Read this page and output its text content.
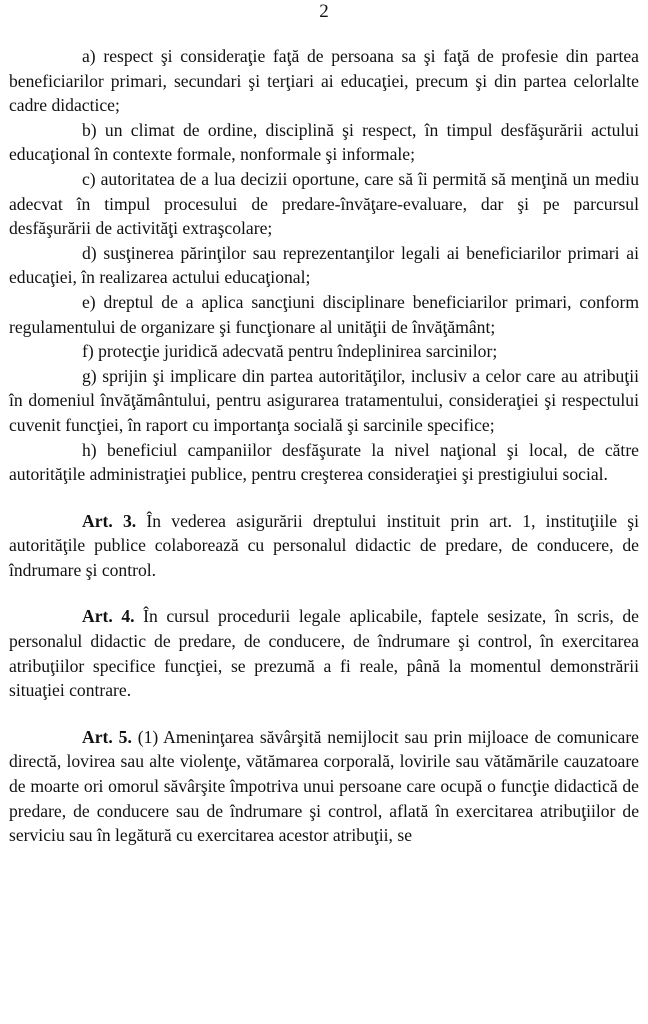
2

a) respect şi consideraţie faţă de persoana sa şi faţă de profesie din partea beneficiarilor primari, secundari şi terţiari ai educaţiei, precum şi din partea celorlalte cadre didactice;

b) un climat de ordine, disciplină şi respect, în timpul desfăşurării actului educaţional în contexte formale, nonformale şi informale;

c) autoritatea de a lua decizii oportune, care să îi permită să menţină un mediu adecvat în timpul procesului de predare-învăţare-evaluare, dar şi pe parcursul desfăşurării de activităţi extraşcolare;

d) susţinerea părinţilor sau reprezentanţilor legali ai beneficiarilor primari ai educaţiei, în realizarea actului educaţional;

e) dreptul de a aplica sancţiuni disciplinare beneficiarilor primari, conform regulamentului de organizare şi funcţionare al unităţii de învăţământ;

f) protecţie juridică adecvată pentru îndeplinirea sarcinilor;

g) sprijin şi implicare din partea autorităţilor, inclusiv a celor care au atribuţii în domeniul învăţământului, pentru asigurarea tratamentului, consideraţiei şi respectului cuvenit funcţiei, în raport cu importanţa socială şi sarcinile specifice;

h) beneficiul campaniilor desfăşurate la nivel naţional şi local, de către autorităţile administraţiei publice, pentru creşterea consideraţiei şi prestigiului social.

Art. 3. În vederea asigurării dreptului instituit prin art. 1, instituţiile şi autorităţile publice colaborează cu personalul didactic de predare, de conducere, de îndrumare şi control.

Art. 4. În cursul procedurii legale aplicabile, faptele sesizate, în scris, de personalul didactic de predare, de conducere, de îndrumare şi control, în exercitarea atribuţiilor specifice funcţiei, se prezumă a fi reale, până la momentul demonstrării situaţiei contrare.

Art. 5. (1) Ameninţarea săvârşită nemijlocit sau prin mijloace de comunicare directă, lovirea sau alte violenţe, vătămarea corporală, lovirile sau vătămările cauzatoare de moarte ori omorul săvârşite împotriva unui persoane care ocupă o funcţie didactică de predare, de conducere sau de îndrumare şi control, aflată în exercitarea atribuţiilor de serviciu sau în legătură cu exercitarea acestor atribuţii, se
